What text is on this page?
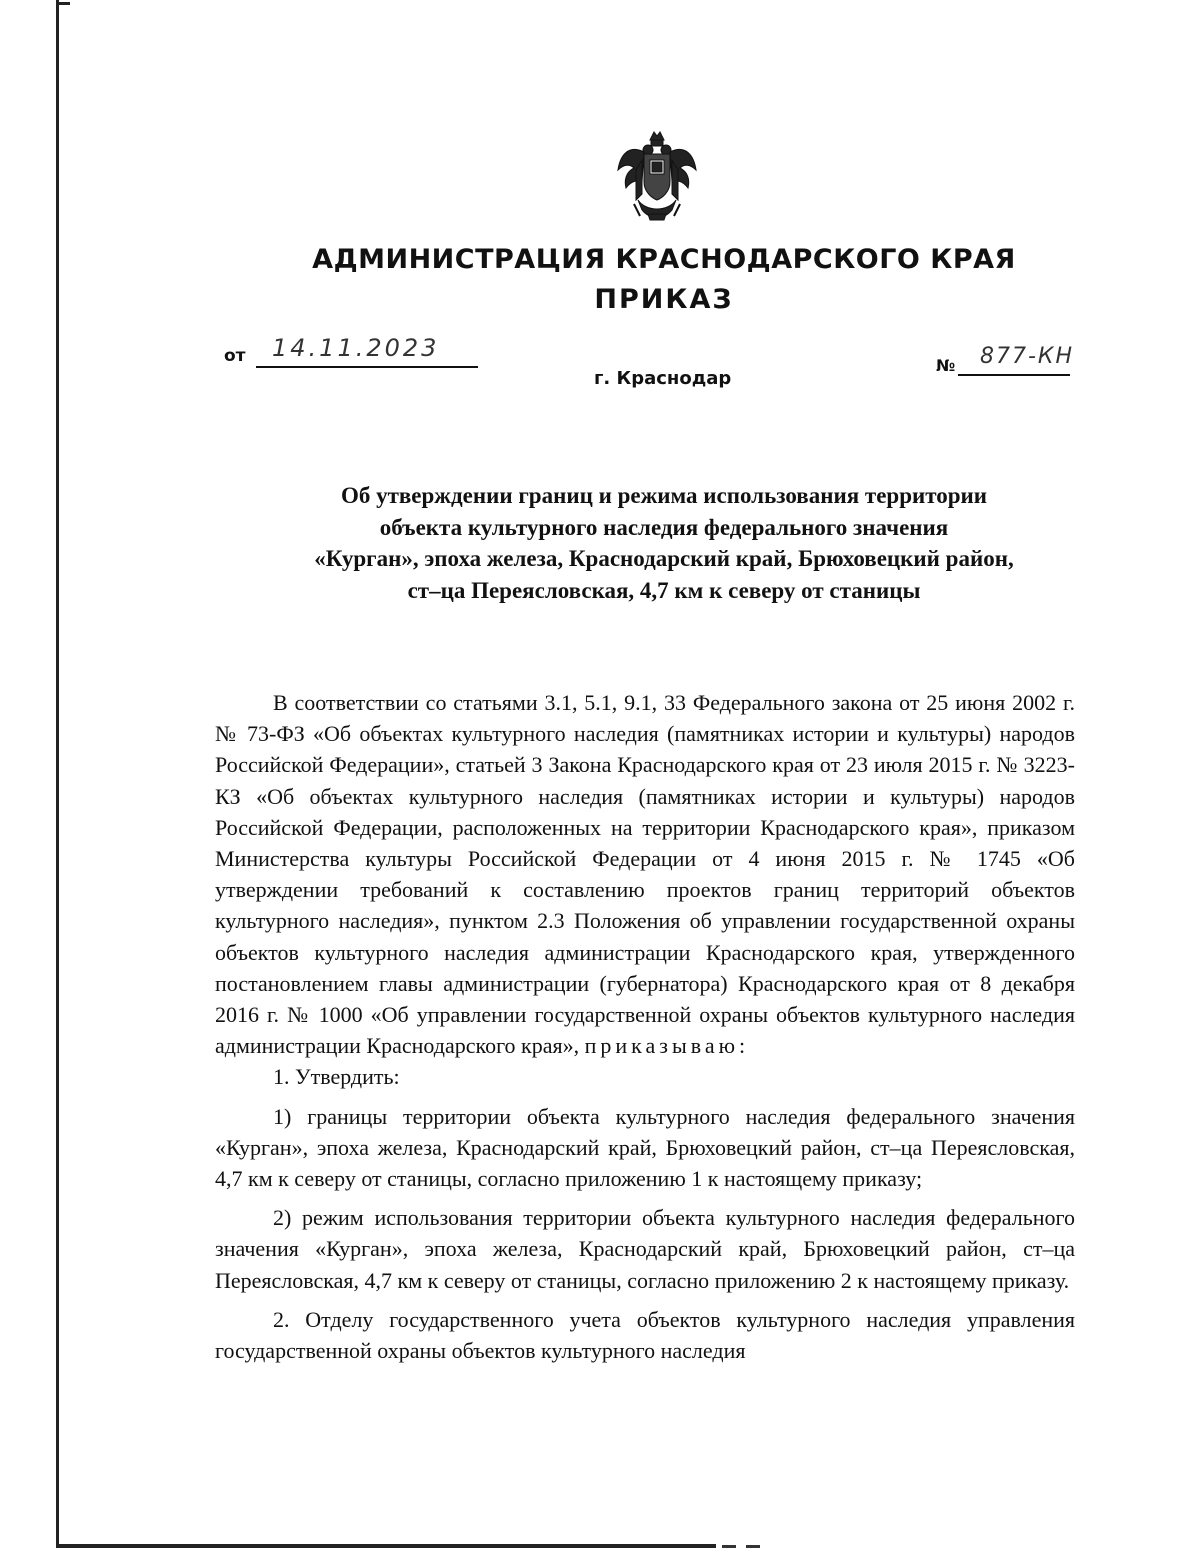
АДМИНИСТРАЦИЯ КРАСНОДАРСКОГО КРАЯ
ПРИКАЗ
от 14.11.2023
№ 877-КН
г. Краснодар
Об утверждении границ и режима использования территории
объекта культурного наследия федерального значения
«Курган», эпоха железа, Краснодарский край, Брюховецкий район,
ст–ца Переясловская, 4,7 км к северу от станицы

В соответствии со статьями 3.1, 5.1, 9.1, 33 Федерального закона от 25 июня 2002 г. № 73-ФЗ «Об объектах культурного наследия (памятниках истории и культуры) народов Российской Федерации», статьей 3 Закона Краснодарского края от 23 июля 2015 г. № 3223-КЗ «Об объектах культурного наследия (памятниках истории и культуры) народов Российской Федерации, расположенных на территории Краснодарского края», приказом Министерства культуры Российской Федерации от 4 июня 2015 г. № 1745 «Об утверждении требований к составлению проектов границ территорий объектов культурного наследия», пунктом 2.3 Положения об управлении государственной охраны объектов культурного наследия администрации Краснодарского края, утвержденного постановлением главы администрации (губернатора) Краснодарского края от 8 декабря 2016 г. № 1000 «Об управлении государственной охраны объектов культурного наследия администрации Краснодарского края», приказываю:

1. Утвердить:

1) границы территории объекта культурного наследия федерального значения «Курган», эпоха железа, Краснодарский край, Брюховецкий район, ст–ца Переясловская, 4,7 км к северу от станицы, согласно приложению 1 к настоящему приказу;

2) режим использования территории объекта культурного наследия федерального значения «Курган», эпоха железа, Краснодарский край, Брюховецкий район, ст–ца Переясловская, 4,7 км к северу от станицы, согласно приложению 2 к настоящему приказу.

2. Отделу государственного учета объектов культурного наследия управления государственной охраны объектов культурного наследия
